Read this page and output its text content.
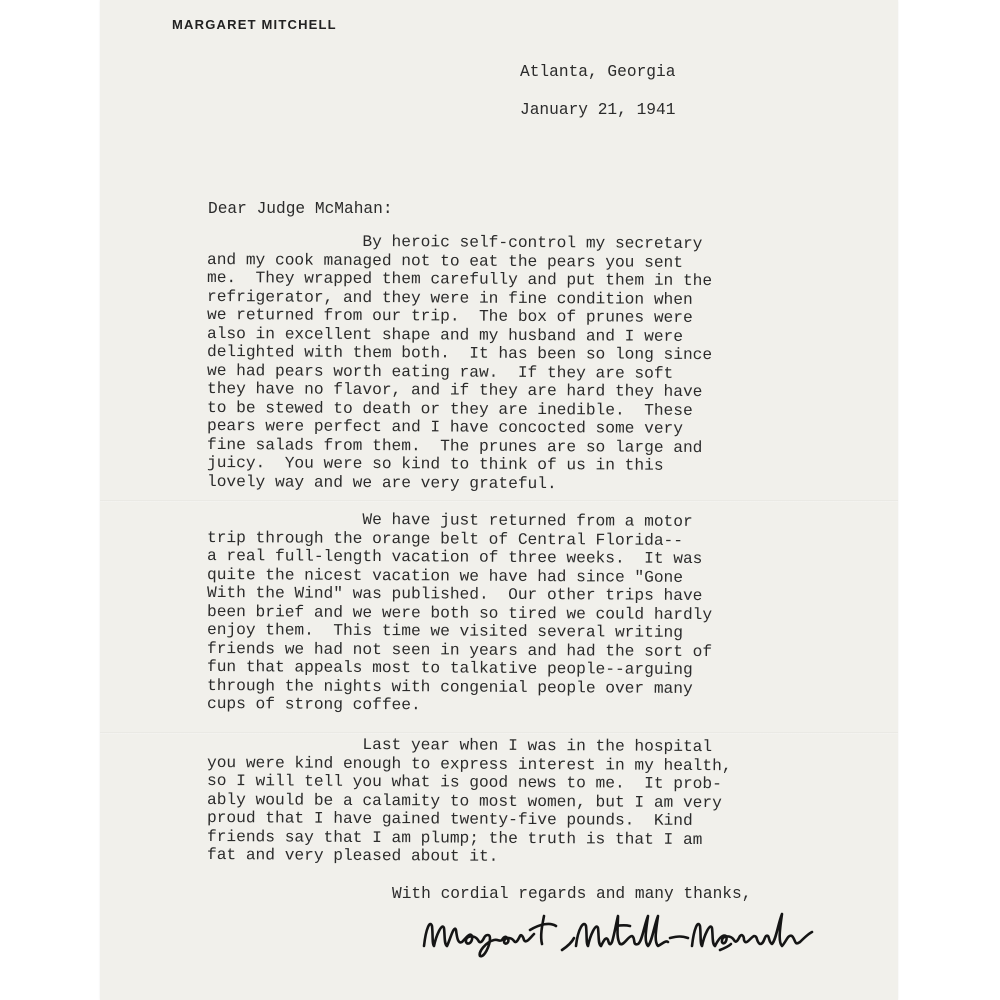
MARGARET MITCHELL
Atlanta, Georgia
January 21, 1941
Dear Judge McMahan:
By heroic self-control my secretary
and my cook managed not to eat the pears you sent
me.  They wrapped them carefully and put them in the
refrigerator, and they were in fine condition when
we returned from our trip.  The box of prunes were
also in excellent shape and my husband and I were
delighted with them both.  It has been so long since
we had pears worth eating raw.  If they are soft
they have no flavor, and if they are hard they have
to be stewed to death or they are inedible.  These
pears were perfect and I have concocted some very
fine salads from them.  The prunes are so large and
juicy.  You were so kind to think of us in this
lovely way and we are very grateful.
We have just returned from a motor
trip through the orange belt of Central Florida--
a real full-length vacation of three weeks.  It was
quite the nicest vacation we have had since "Gone
With the Wind" was published.  Our other trips have
been brief and we were both so tired we could hardly
enjoy them.  This time we visited several writing
friends we had not seen in years and had the sort of
fun that appeals most to talkative people--arguing
through the nights with congenial people over many
cups of strong coffee.
Last year when I was in the hospital
you were kind enough to express interest in my health,
so I will tell you what is good news to me.  It prob-
ably would be a calamity to most women, but I am very
proud that I have gained twenty-five pounds.  Kind
friends say that I am plump; the truth is that I am
fat and very pleased about it.
With cordial regards and many thanks,
